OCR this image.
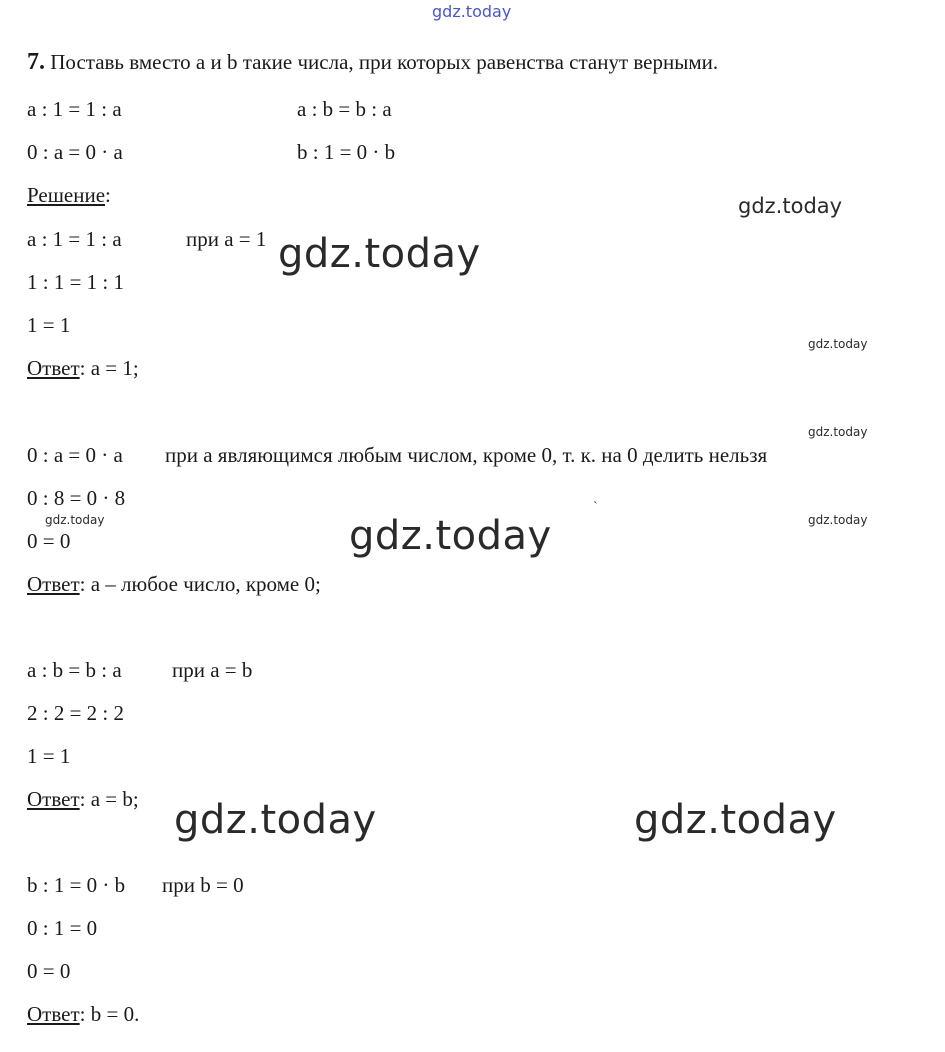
gdz.today
7. Поставь вместо a и b такие числа, при которых равенства станут верными.
a : 1 = 1 : a	a : b = b : a
0 : a = 0 · a	b : 1 = 0 · b
Решение:
a : 1 = 1 : a	при a = 1
1 : 1 = 1 : 1
1 = 1
Ответ: a = 1;
0 : a = 0 · a при a являющимся любым числом, кроме 0, т. к. на 0 делить нельзя
0 : 8 = 0 · 8
0 = 0
Ответ: a – любое число, кроме 0;
a : b = b : a при a = b
2 : 2 = 2 : 2
1 = 1
Ответ: a = b;
b : 1 = 0 · b при b = 0
0 : 1 = 0
0 = 0
Ответ: b = 0.
gdz.today
gdz.today
gdz.today
gdz.today
gdz.today	gdz.today
gdz.today
gdz.today	gdz.today
ˋ
